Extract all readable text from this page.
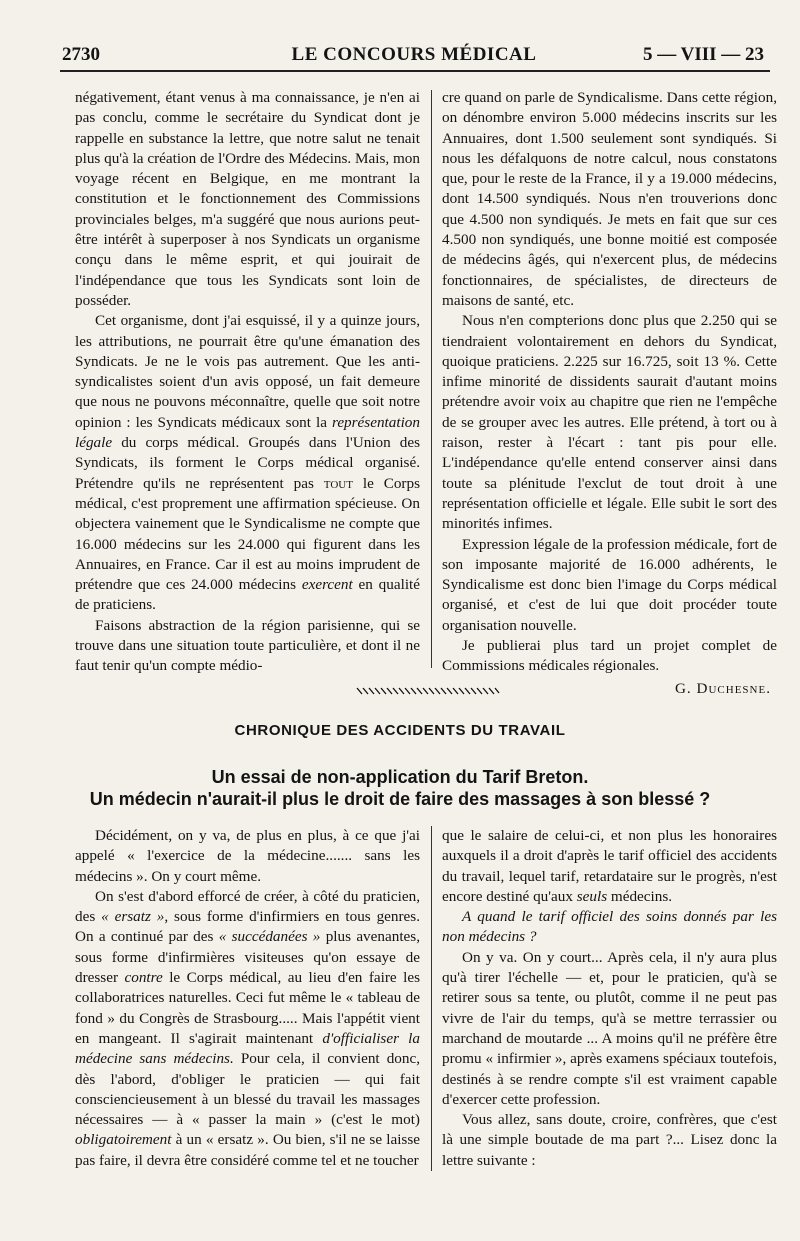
2730	LE CONCOURS MÉDICAL	5 — VIII — 23

négativement, étant venus à ma connaissance, je n'en ai pas conclu, comme le secrétaire du Syndicat dont je rappelle en substance la lettre, que notre salut ne tenait plus qu'à la création de l'Ordre des Médecins. Mais, mon voyage récent en Belgique, en me montrant la constitution et le fonctionnement des Commissions provinciales belges, m'a suggéré que nous aurions peut-être intérêt à superposer à nos Syndicats un organisme conçu dans le même esprit, et qui jouirait de l'indépendance que tous les Syndicats sont loin de posséder.

Cet organisme, dont j'ai esquissé, il y a quinze jours, les attributions, ne pourrait être qu'une émanation des Syndicats. Je ne le vois pas autrement. Que les anti-syndicalistes soient d'un avis opposé, un fait demeure que nous ne pouvons méconnaître, quelle que soit notre opinion : les Syndicats médicaux sont la représentation légale du corps médical. Groupés dans l'Union des Syndicats, ils forment le Corps médical organisé. Prétendre qu'ils ne représentent pas tout le Corps médical, c'est proprement une affirmation spécieuse. On objectera vainement que le Syndicalisme ne compte que 16.000 médecins sur les 24.000 qui figurent dans les Annuaires, en France. Car il est au moins imprudent de prétendre que ces 24.000 médecins exercent en qualité de praticiens.

Faisons abstraction de la région parisienne, qui se trouve dans une situation toute particulière, et dont il ne faut tenir qu'un compte médio-

cre quand on parle de Syndicalisme. Dans cette région, on dénombre environ 5.000 médecins inscrits sur les Annuaires, dont 1.500 seulement sont syndiqués. Si nous les défalquons de notre calcul, nous constatons que, pour le reste de la France, il y a 19.000 médecins, dont 14.500 syndiqués. Nous n'en trouverions donc que 4.500 non syndiqués. Je mets en fait que sur ces 4.500 non syndiqués, une bonne moitié est composée de médecins âgés, qui n'exercent plus, de médecins fonctionnaires, de spécialistes, de directeurs de maisons de santé, etc.

Nous n'en compterions donc plus que 2.250 qui se tiendraient volontairement en dehors du Syndicat, quoique praticiens. 2.225 sur 16.725, soit 13 %. Cette infime minorité de dissidents saurait d'autant moins prétendre avoir voix au chapitre que rien ne l'empêche de se grouper avec les autres. Elle prétend, à tort ou à raison, rester à l'écart : tant pis pour elle. L'indépendance qu'elle entend conserver ainsi dans toute sa plénitude l'exclut de tout droit à une représentation officielle et légale. Elle subit le sort des minorités infimes.

Expression légale de la profession médicale, fort de son imposante majorité de 16.000 adhérents, le Syndicalisme est donc bien l'image du Corps médical organisé, et c'est de lui que doit procéder toute organisation nouvelle.

Je publierai plus tard un projet complet de Commissions médicales régionales.

G. Duchesne.
CHRONIQUE DES ACCIDENTS DU TRAVAIL
Un essai de non-application du Tarif Breton.
Un médecin n'aurait-il plus le droit de faire des massages à son blessé ?

Décidément, on y va, de plus en plus, à ce que j'ai appelé « l'exercice de la médecine....... sans les médecins ». On y court même.

On s'est d'abord efforcé de créer, à côté du praticien, des « ersatz », sous forme d'infirmiers en tous genres. On a continué par des « succédanées » plus avenantes, sous forme d'infirmières visiteuses qu'on essaye de dresser contre le Corps médical, au lieu d'en faire les collaboratrices naturelles. Ceci fut même le « tableau de fond » du Congrès de Strasbourg..... Mais l'appétit vient en mangeant. Il s'agirait maintenant d'officialiser la médecine sans médecins. Pour cela, il convient donc, dès l'abord, d'obliger le praticien — qui fait consciencieusement à un blessé du travail les massages nécessaires — à « passer la main » (c'est le mot) obligatoirement à un « ersatz ». Ou bien, s'il ne se laisse pas faire, il devra être considéré comme tel et ne toucher

que le salaire de celui-ci, et non plus les honoraires auxquels il a droit d'après le tarif officiel des accidents du travail, lequel tarif, retardataire sur le progrès, n'est encore destiné qu'aux seuls médecins.

A quand le tarif officiel des soins donnés par les non médecins ?

On y va. On y court... Après cela, il n'y aura plus qu'à tirer l'échelle — et, pour le praticien, qu'à se retirer sous sa tente, ou plutôt, comme il ne peut pas vivre de l'air du temps, qu'à se mettre terrassier ou marchand de moutarde ... A moins qu'il ne préfère être promu « infirmier », après examens spéciaux toutefois, destinés à se rendre compte s'il est vraiment capable d'exercer cette profession.

Vous allez, sans doute, croire, confrères, que c'est là une simple boutade de ma part ?... Lisez donc la lettre suivante :
